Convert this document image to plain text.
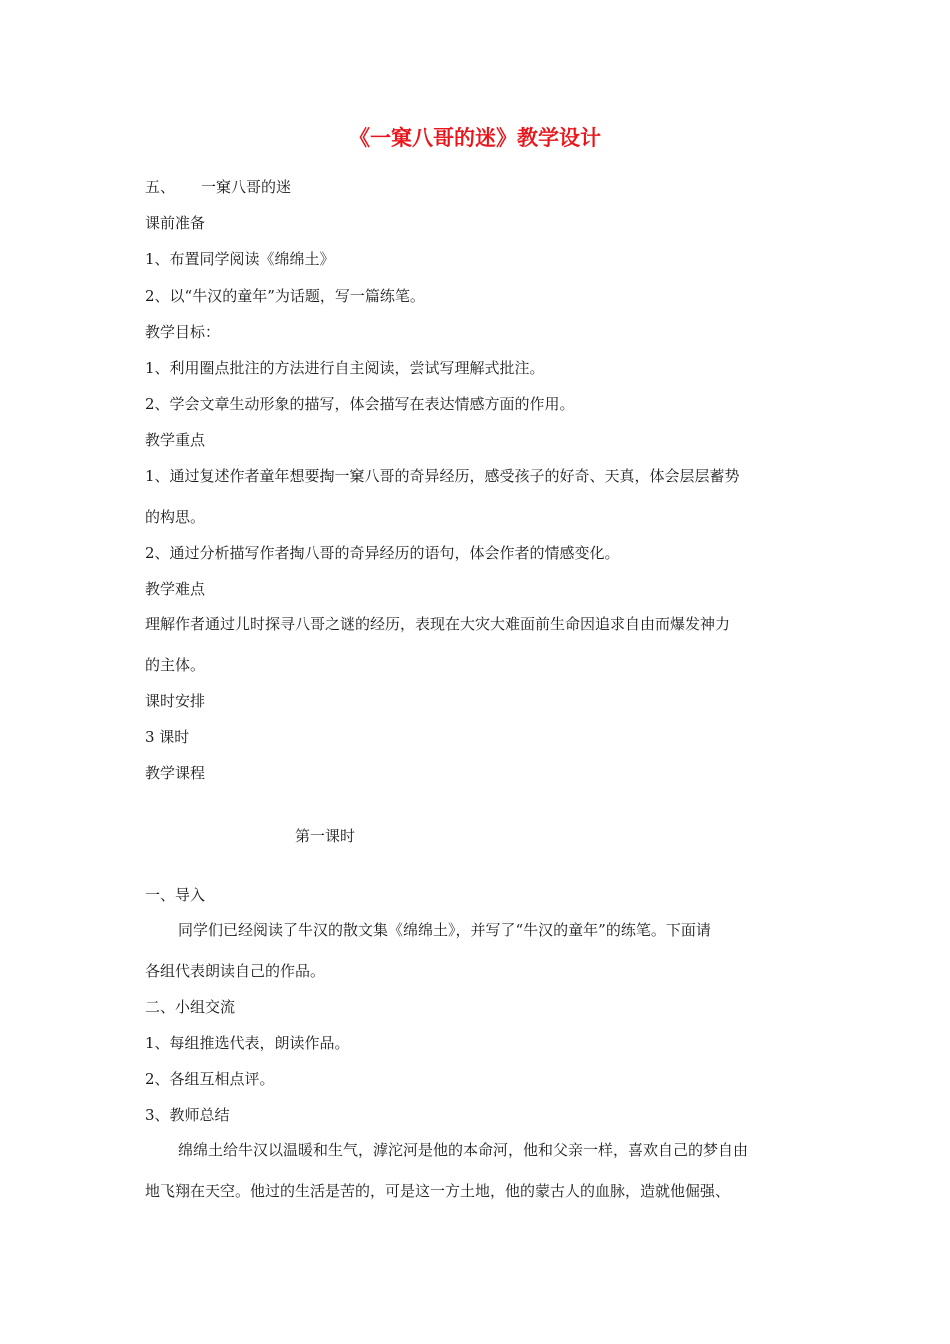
《一窠八哥的迷》教学设计
五、 一窠八哥的迷
课前准备
1、布置同学阅读《绵绵土》
2、以“牛汉的童年”为话题，写一篇练笔。
教学目标：
1、利用圈点批注的方法进行自主阅读，尝试写理解式批注。
2、学会文章生动形象的描写，体会描写在表达情感方面的作用。
教学重点
1、通过复述作者童年想要掏一窠八哥的奇异经历，感受孩子的好奇、天真，体会层层蓄势
的构思。
2、通过分析描写作者掏八哥的奇异经历的语句，体会作者的情感变化。
教学难点
理解作者通过儿时探寻八哥之谜的经历，表现在大灾大难面前生命因追求自由而爆发神力
的主体。
课时安排
3 课时
教学课程
第一课时
一、导入
同学们已经阅读了牛汉的散文集《绵绵土》，并写了“牛汉的童年”的练笔。下面请
各组代表朗读自己的作品。
二、小组交流
1、每组推选代表，朗读作品。
2、各组互相点评。
3、教师总结
绵绵土给牛汉以温暖和生气，滹沱河是他的本命河，他和父亲一样，喜欢自己的梦自由
地飞翔在天空。他过的生活是苦的，可是这一方土地，他的蒙古人的血脉，造就他倔强、
